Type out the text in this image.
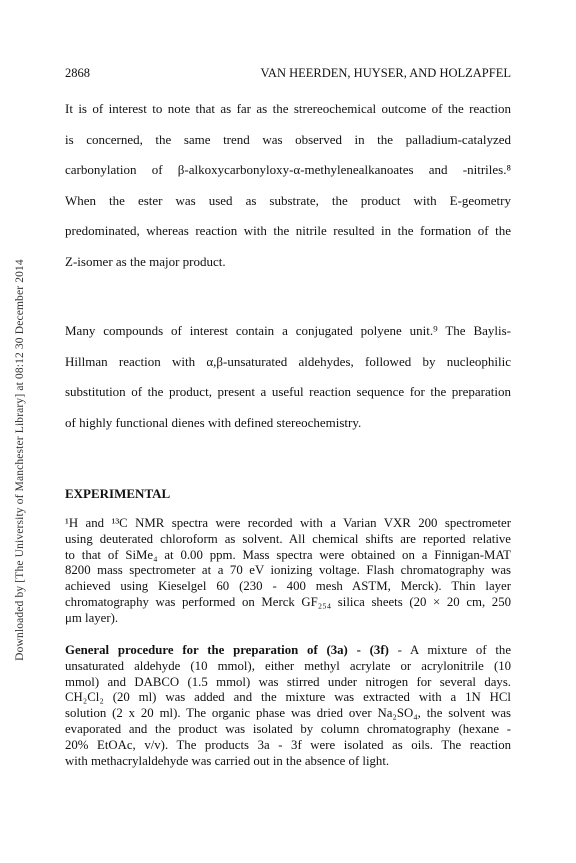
Downloaded by [The University of Manchester Library] at 08:12 30 December 2014
2868	VAN HEERDEN, HUYSER, AND HOLZAPFEL
It is of interest to note that as far as the strereochemical outcome of the reaction
is concerned, the same trend was observed in the palladium-catalyzed
carbonylation of β-alkoxycarbonyloxy-α-methylenealkanoates and -nitriles.⁸
When the ester was used as substrate, the product with E-geometry
predominated, whereas reaction with the nitrile resulted in the formation of the
Z-isomer as the major product.
Many compounds of interest contain a conjugated polyene unit.⁹ The Baylis-
Hillman reaction with α,β-unsaturated aldehydes, followed by nucleophilic
substitution of the product, present a useful reaction sequence for the preparation
of highly functional dienes with defined stereochemistry.
EXPERIMENTAL
¹H and ¹³C NMR spectra were recorded with a Varian VXR 200 spectrometer
using deuterated chloroform as solvent. All chemical shifts are reported relative
to that of SiMe₄ at 0.00 ppm. Mass spectra were obtained on a Finnigan-MAT
8200 mass spectrometer at a 70 eV ionizing voltage. Flash chromatography was
achieved using Kieselgel 60 (230 - 400 mesh ASTM, Merck). Thin layer
chromatography was performed on Merck GF₂₅₄ silica sheets (20 × 20 cm, 250
μm layer).
General procedure for the preparation of (3a) - (3f) - A mixture of the
unsaturated aldehyde (10 mmol), either methyl acrylate or acrylonitrile (10
mmol) and DABCO (1.5 mmol) was stirred under nitrogen for several days.
CH₂Cl₂ (20 ml) was added and the mixture was extracted with a 1N HCl
solution (2 x 20 ml). The organic phase was dried over Na₂SO₄, the solvent was
evaporated and the product was isolated by column chromatography (hexane -
20% EtOAc, v/v). The products 3a - 3f were isolated as oils. The reaction
with methacrylaldehyde was carried out in the absence of light.
